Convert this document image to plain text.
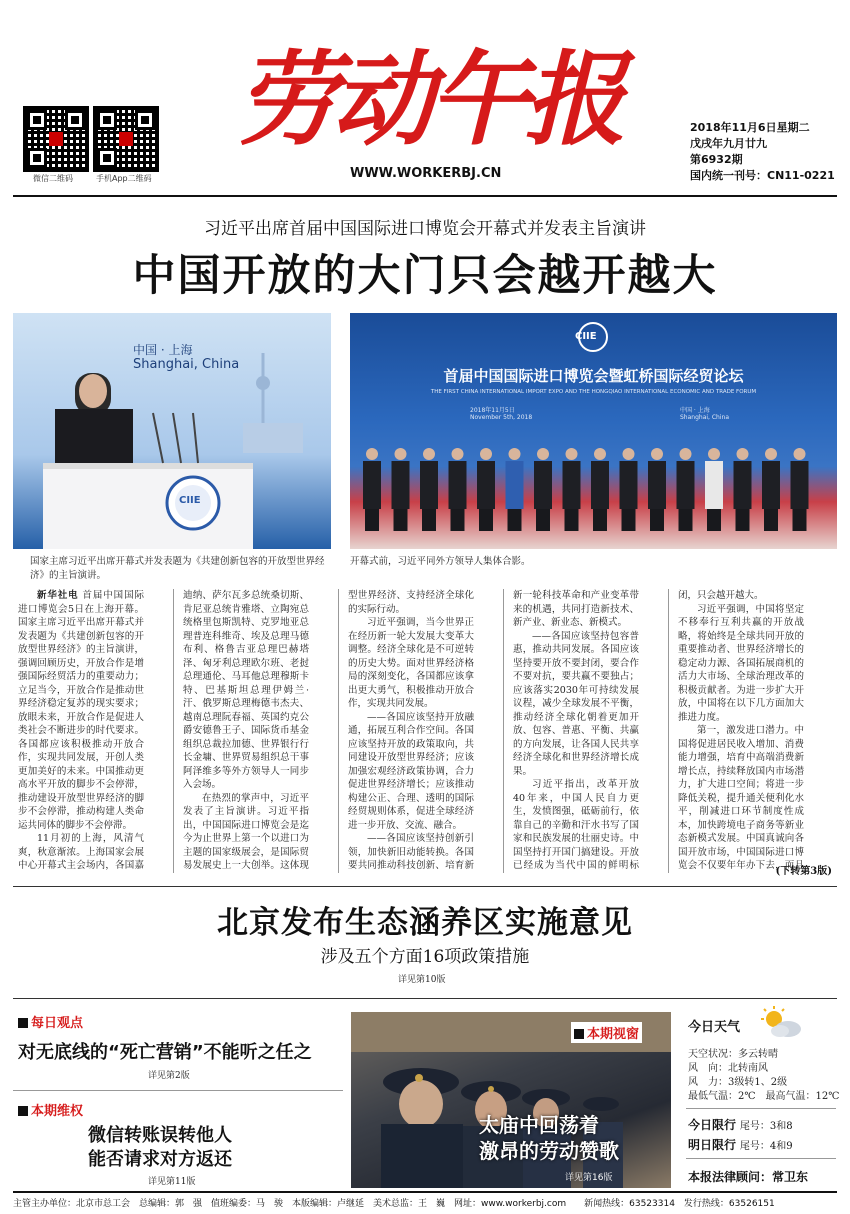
微信二维码	手机App二维码
劳动午报
WWW.WORKERBJ.CN
2018年11月6日星期二
戊戌年九月廿九
第6932期
国内统一刊号：CN11-0221
习近平出席首届中国国际进口博览会开幕式并发表主旨演讲
中国开放的大门只会越开越大
中国 · 上海
Shanghai, China
CIIE
CIIE
首届中国国际进口博览会暨虹桥国际经贸论坛
THE FIRST CHINA INTERNATIONAL IMPORT EXPO AND THE HONGQIAO INTERNATIONAL ECONOMIC AND TRADE FORUM
2018年11月5日
November 5th, 2018
中国 · 上海
Shanghai, China
国家主席习近平出席开幕式并发表题为《共建创新包容的开放型世界经济》的主旨演讲。
开幕式前，习近平同外方领导人集体合影。

新华社电 首届中国国际进口博览会5日在上海开幕。国家主席习近平出席开幕式并发表题为《共建创新包容的开放型世界经济》的主旨演讲，强调回顾历史，开放合作是增强国际经贸活力的重要动力；立足当今，开放合作是推动世界经济稳定复苏的现实要求；放眼未来，开放合作是促进人类社会不断进步的时代要求。各国都应该积极推动开放合作，实现共同发展，开创人类更加美好的未来。中国推动更高水平开放的脚步不会停滞，推动建设开放型世界经济的脚步不会停滞，推动构建人类命运共同体的脚步不会停滞。

11月初的上海，风清气爽，秋意渐浓。上海国家会展中心开幕式主会场内，各国嘉

迪纳、萨尔瓦多总统桑切斯、肯尼亚总统肯雅塔、立陶宛总统格里包斯凯特、克罗地亚总理普连科维奇、埃及总理马德布利、格鲁吉亚总理巴赫塔泽、匈牙利总理欧尔班、老挝总理通伦、马耳他总理穆斯卡特、巴基斯坦总理伊姆兰·汗、俄罗斯总理梅德韦杰夫、越南总理阮春福、英国约克公爵安德鲁王子、国际货币基金组织总裁拉加德、世界银行行长金墉、世界贸易组织总干事阿泽维多等外方领导人一同步入会场。

在热烈的掌声中，习近平发表了主旨演讲。习近平指出，中国国际进口博览会是迄今为止世界上第一个以进口为主题的国家级展会，是国际贸易发展史上一大创举。这体现

型世界经济、支持经济全球化的实际行动。

习近平强调，当今世界正在经历新一轮大发展大变革大调整。经济全球化是不可逆转的历史大势。面对世界经济格局的深刻变化，各国都应该拿出更大勇气，积极推动开放合作，实现共同发展。

——各国应该坚持开放融通，拓展互利合作空间。各国应该坚持开放的政策取向，共同建设开放型世界经济；应该加强宏观经济政策协调，合力促进世界经济增长；应该推动构建公正、合理、透明的国际经贸规则体系，促进全球经济进一步开放、交流、融合。

——各国应该坚持创新引领，加快新旧动能转换。各国要共同推动科技创新、培育新

新一轮科技革命和产业变革带来的机遇，共同打造新技术、新产业、新业态、新模式。

——各国应该坚持包容普惠，推动共同发展。各国应该坚持要开放不要封闭，要合作不要对抗，要共赢不要独占；应该落实2030年可持续发展议程，减少全球发展不平衡，推动经济全球化朝着更加开放、包容、普惠、平衡、共赢的方向发展，让各国人民共享经济全球化和世界经济增长成果。

习近平指出，改革开放40年来，中国人民自力更生，发愤图强，砥砺前行，依靠自己的辛勤和汗水书写了国家和民族发展的壮丽史诗。中国坚持打开国门搞建设。开放已经成为当代中国的鲜明标

闭，只会越开越大。

习近平强调，中国将坚定不移奉行互利共赢的开放战略，将始终是全球共同开放的重要推动者、世界经济增长的稳定动力源、各国拓展商机的活力大市场、全球治理改革的积极贡献者。为进一步扩大开放，中国将在以下几方面加大推进力度。

第一，激发进口潜力。中国将促进居民收入增加、消费能力增强，培育中高端消费新增长点，持续释放国内市场潜力，扩大进口空间；将进一步降低关税，提升通关便利化水平，削减进口环节制度性成本，加快跨境电子商务等新业态新模式发展。中国真诚向各国开放市场，中国国际进口博览会不仅要年年办下去，而且

(下转第3版)
北京发布生态涵养区实施意见
涉及五个方面16项政策措施
详见第10版
每日观点
对无底线的“死亡营销”不能听之任之
详见第2版
本期维权
微信转账误转他人
能否请求对方返还
详见第11版
本期视窗
太庙中回荡着
激昂的劳动赞歌
详见第16版
今日天气
天空状况：多云转晴
风　向：北转南风
风　力：3级转1、2级
最低气温：2℃　最高气温：12℃
今日限行 尾号：3和8
明日限行 尾号：4和9
本报法律顾问：常卫东
主管主办单位：北京市总工会　总编辑：郭　强　值班编委：马　骏　本版编辑：卢继延　美术总监：王　巍　网址：www.workerbj.com　　新闻热线：63523314　发行热线：63526151
